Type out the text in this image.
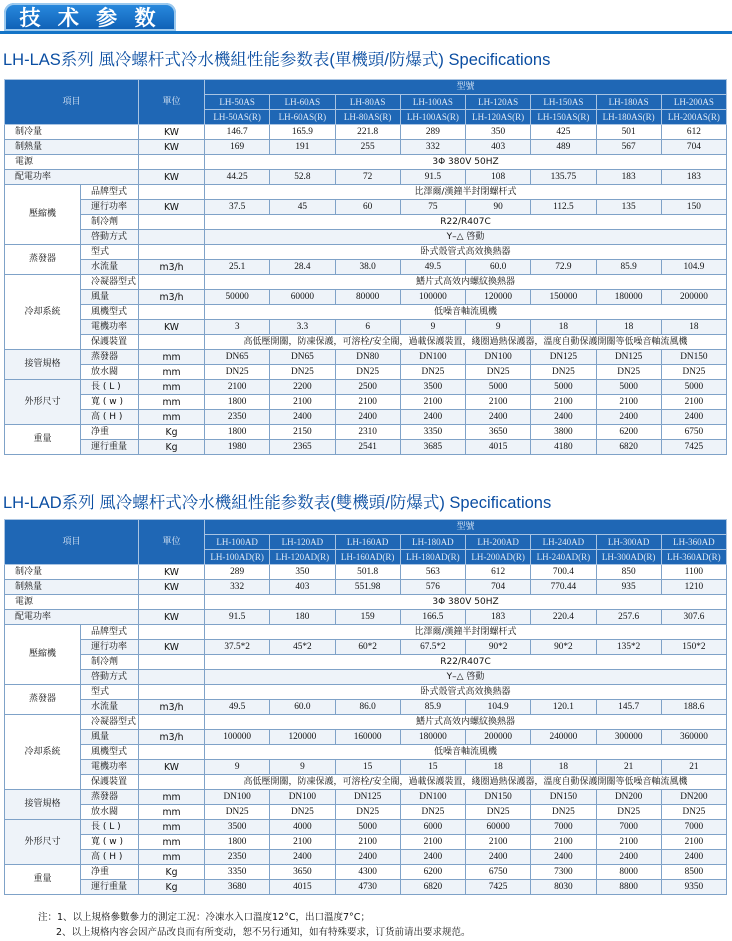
技 术 参 数
LH-LAS系列 風冷螺杆式冷水機組性能参数表(單機頭/防爆式) Specifications
項目		單位	型號							
			LH-50AS	LH-60AS	LH-80AS	LH-100AS	LH-120AS	LH-150AS	LH-180AS	LH-200AS
			LH-50AS(R)	LH-60AS(R)	LH-80AS(R)	LH-100AS(R)	LH-120AS(R)	LH-150AS(R)	LH-180AS(R)	LH-200AS(R)
制冷量		KW	146.7	165.9	221.8	289	350	425	501	612
制熱量		KW	169	191	255	332	403	489	567	704
電源			3Φ 380V 50HZ							
配電功率		KW	44.25	52.8	72	91.5	108	135.75	183	183
壓縮機	品牌型式		比澤爾/漢鐘半封閉螺杆式							
	運行功率	KW	37.5	45	60	75	90	112.5	135	150
	制冷劑		R22/R407C							
	啓動方式		Y–△ 啓動							
蒸發器	型式		卧式殼管式高效換熱器							
	水流量	m3/h	25.1	28.4	38.0	49.5	60.0	72.9	85.9	104.9
冷却系統	冷凝器型式		鰭片式高效内螺紋換熱器							
	風量	m3/h	50000	60000	80000	100000	120000	150000	180000	200000
	風機型式		低噪音軸流風機							
	電機功率	KW	3	3.3	6	9	9	18	18	18
	保護裝置		高低壓開關，防凍保護，可溶栓/安全閥，過載保護裝置，綫圈過熱保護器，溫度自動保護開關等低噪音軸流風機							
接管規格	蒸發器	mm	DN65	DN65	DN80	DN100	DN100	DN125	DN125	DN150
	放水閥	mm	DN25	DN25	DN25	DN25	DN25	DN25	DN25	DN25
外形尺寸	長 ( L )	mm	2100	2200	2500	3500	5000	5000	5000	5000
	寬 ( w )	mm	1800	2100	2100	2100	2100	2100	2100	2100
	高 ( H )	mm	2350	2400	2400	2400	2400	2400	2400	2400
重量	净重	Kg	1800	2150	2310	3350	3650	3800	6200	6750
	運行重量	Kg	1980	2365	2541	3685	4015	4180	6820	7425
LH-LAD系列 風冷螺杆式冷水機組性能参数表(雙機頭/防爆式) Specifications
項目		單位	型號							
			LH-100AD	LH-120AD	LH-160AD	LH-180AD	LH-200AD	LH-240AD	LH-300AD	LH-360AD
			LH-100AD(R)	LH-120AD(R)	LH-160AD(R)	LH-180AD(R)	LH-200AD(R)	LH-240AD(R)	LH-300AD(R)	LH-360AD(R)
制冷量		KW	289	350	501.8	563	612	700.4	850	1100
制熱量		KW	332	403	551.98	576	704	770.44	935	1210
電源			3Φ 380V 50HZ							
配電功率		KW	91.5	180	159	166.5	183	220.4	257.6	307.6
壓縮機	品牌型式		比澤爾/漢鐘半封閉螺杆式							
	運行功率	KW	37.5*2	45*2	60*2	67.5*2	90*2	90*2	135*2	150*2
	制冷劑		R22/R407C							
	啓動方式		Y–△ 啓動							
蒸發器	型式		卧式殼管式高效換熱器							
	水流量	m3/h	49.5	60.0	86.0	85.9	104.9	120.1	145.7	188.6
冷却系統	冷凝器型式		鰭片式高效内螺紋換熱器							
	風量	m3/h	100000	120000	160000	180000	200000	240000	300000	360000
	風機型式		低噪音軸流風機							
	電機功率	KW	9	9	15	15	18	18	21	21
	保護裝置		高低壓開關，防凍保護，可溶栓/安全閥，過載保護裝置，綫圈過熱保護器，溫度自動保護開關等低噪音軸流風機							
接管規格	蒸發器	mm	DN100	DN100	DN125	DN100	DN150	DN150	DN200	DN200
	放水閥	mm	DN25	DN25	DN25	DN25	DN25	DN25	DN25	DN25
外形尺寸	長 ( L )	mm	3500	4000	5000	6000	60000	7000	7000	7000
	寬 ( w )	mm	1800	2100	2100	2100	2100	2100	2100	2100
	高 ( H )	mm	2350	2400	2400	2400	2400	2400	2400	2400
重量	净重	Kg	3350	3650	4300	6200	6750	7300	8000	8500
	運行重量	Kg	3680	4015	4730	6820	7425	8030	8800	9350
注：1、以上規格參數參力的測定工況：冷凍水入口溫度12°C，出口溫度7°C；
2、以上規格内容会因产品改良而有所变动，恕不另行通知，如有特殊要求，订货前请出要求规范。
